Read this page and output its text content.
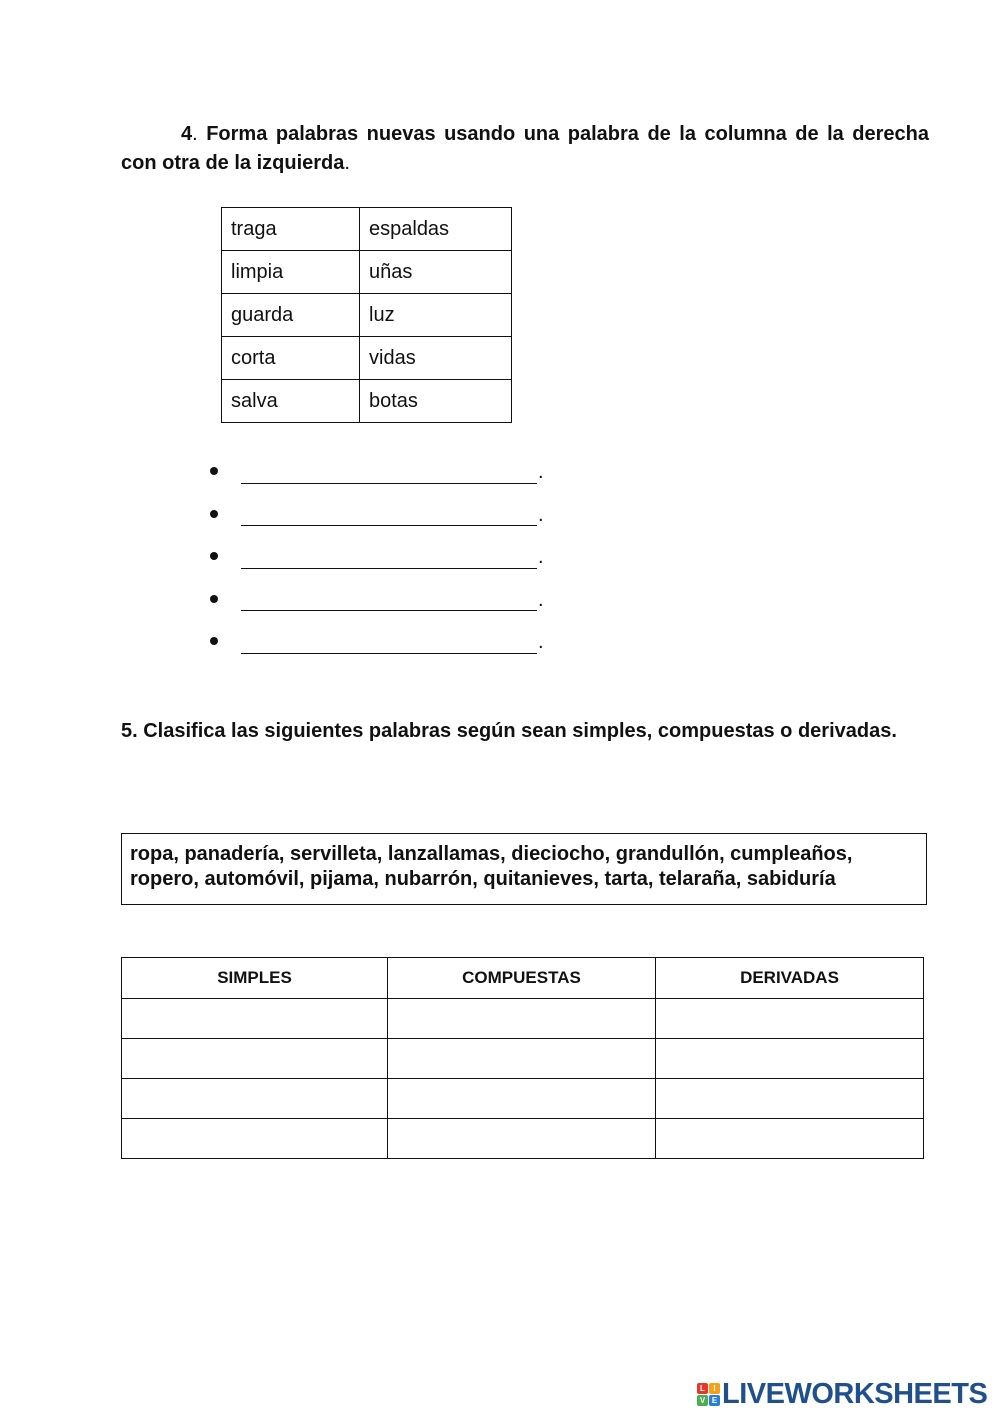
4. Forma palabras nuevas usando una palabra de la columna de la derecha con otra de la izquierda.
traga	espaldas
limpia	uñas
guarda	luz
corta	vidas
salva	botas
.
.
.
.
.
5. Clasifica las siguientes palabras según sean simples, compuestas o derivadas.
ropa, panadería, servilleta, lanzallamas, dieciocho, grandullón, cumpleaños,
ropero, automóvil, pijama, nubarrón, quitanieves, tarta, telaraña, sabiduría
SIMPLES	COMPUESTAS	DERIVADAS

L	I
V E LIVEWORKSHEETS
